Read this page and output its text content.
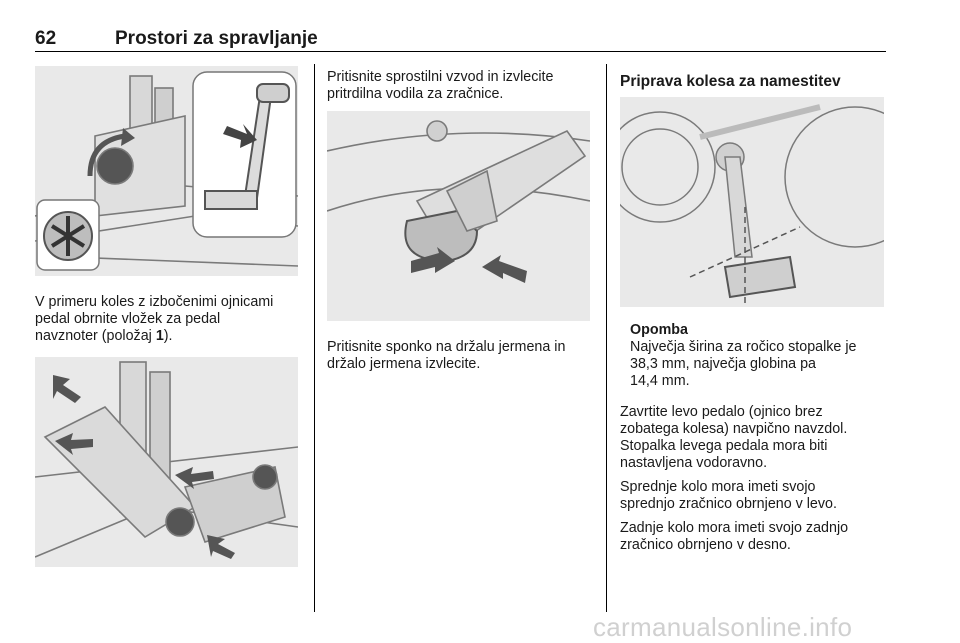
62	Prostori za spravljanje

V primeru koles z izbočenimi ojnicami

pedal obrnite vložek za pedal

navznoter (položaj 1).

Pritisnite sprostilni vzvod in izvlecite

pritrdilna vodila za zračnice.

Pritisnite sponko na držalu jermena in

držalo jermena izvlecite.

Priprava kolesa za namestitev

Opomba

Največja širina za ročico stopalke je

38,3 mm, največja globina pa

14,4 mm.

Zavrtite levo pedalo (ojnico brez

zobatega kolesa) navpično navzdol.

Stopalka levega pedala mora biti

nastavljena vodoravno.

Sprednje kolo mora imeti svojo

sprednjo zračnico obrnjeno v levo.

Zadnje kolo mora imeti svojo zadnjo

zračnico obrnjeno v desno.

carmanualsonline.info
